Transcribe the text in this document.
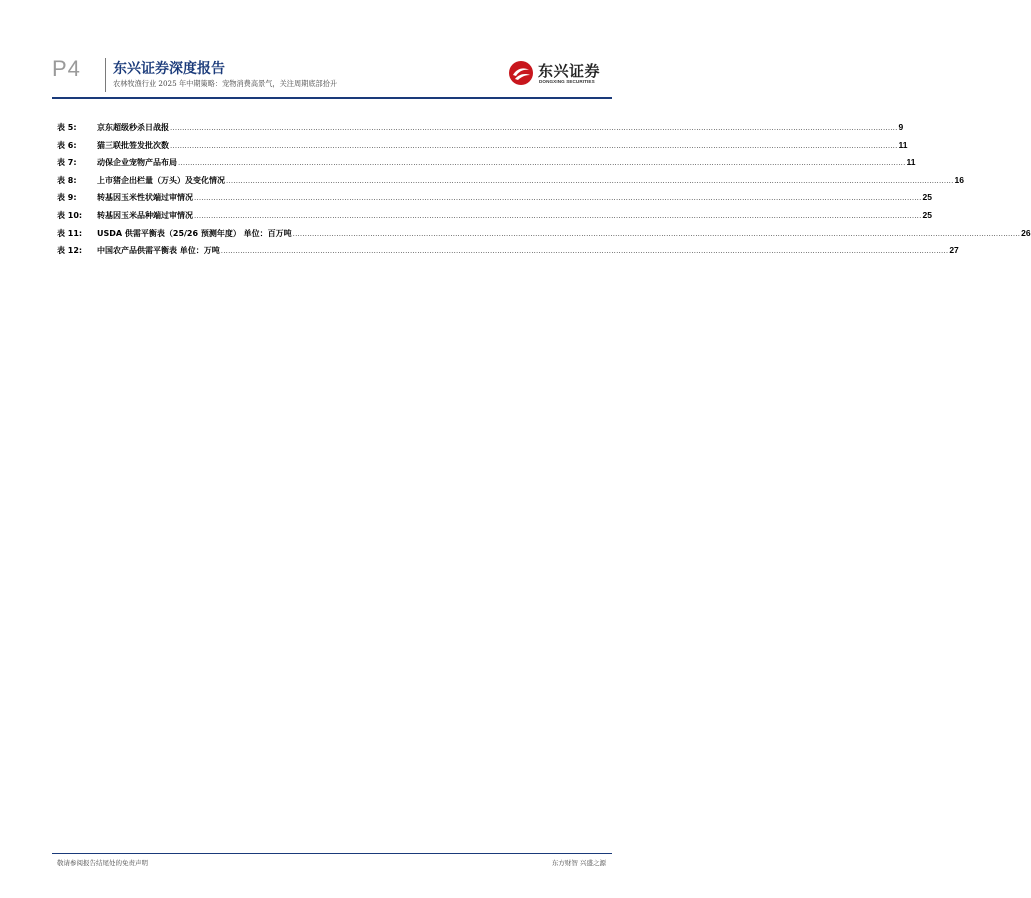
P4 东兴证券深度报告
农林牧渔行业 2025 年中期策略：宠物消费高景气，关注周期底部拾升
东兴证券
DONGXING SECURITIES
表 5:	京东超级秒杀日战报 ............................................................................................................................................................................................................................................................................................................ 9
表 6:	猫三联批签发批次数 ............................................................................................................................................................................................................................................................................................................ 11
表 7:	动保企业宠物产品布局 ............................................................................................................................................................................................................................................................................................................ 11
表 8:	上市猪企出栏量（万头）及变化情况 ............................................................................................................................................................................................................................................................................................................ 16
表 9:	转基因玉米性状端过审情况 ............................................................................................................................................................................................................................................................................................................ 25
表 10:	转基因玉米品种端过审情况 ............................................................................................................................................................................................................................................................................................................ 25
表 11:	USDA 供需平衡表（25/26 预测年度） 单位：百万吨 ............................................................................................................................................................................................................................................................................................................ 26
表 12:	中国农产品供需平衡表 单位：万吨 ............................................................................................................................................................................................................................................................................................................ 27
敬请参阅报告结尾处的免责声明	东方财智 兴盛之源
